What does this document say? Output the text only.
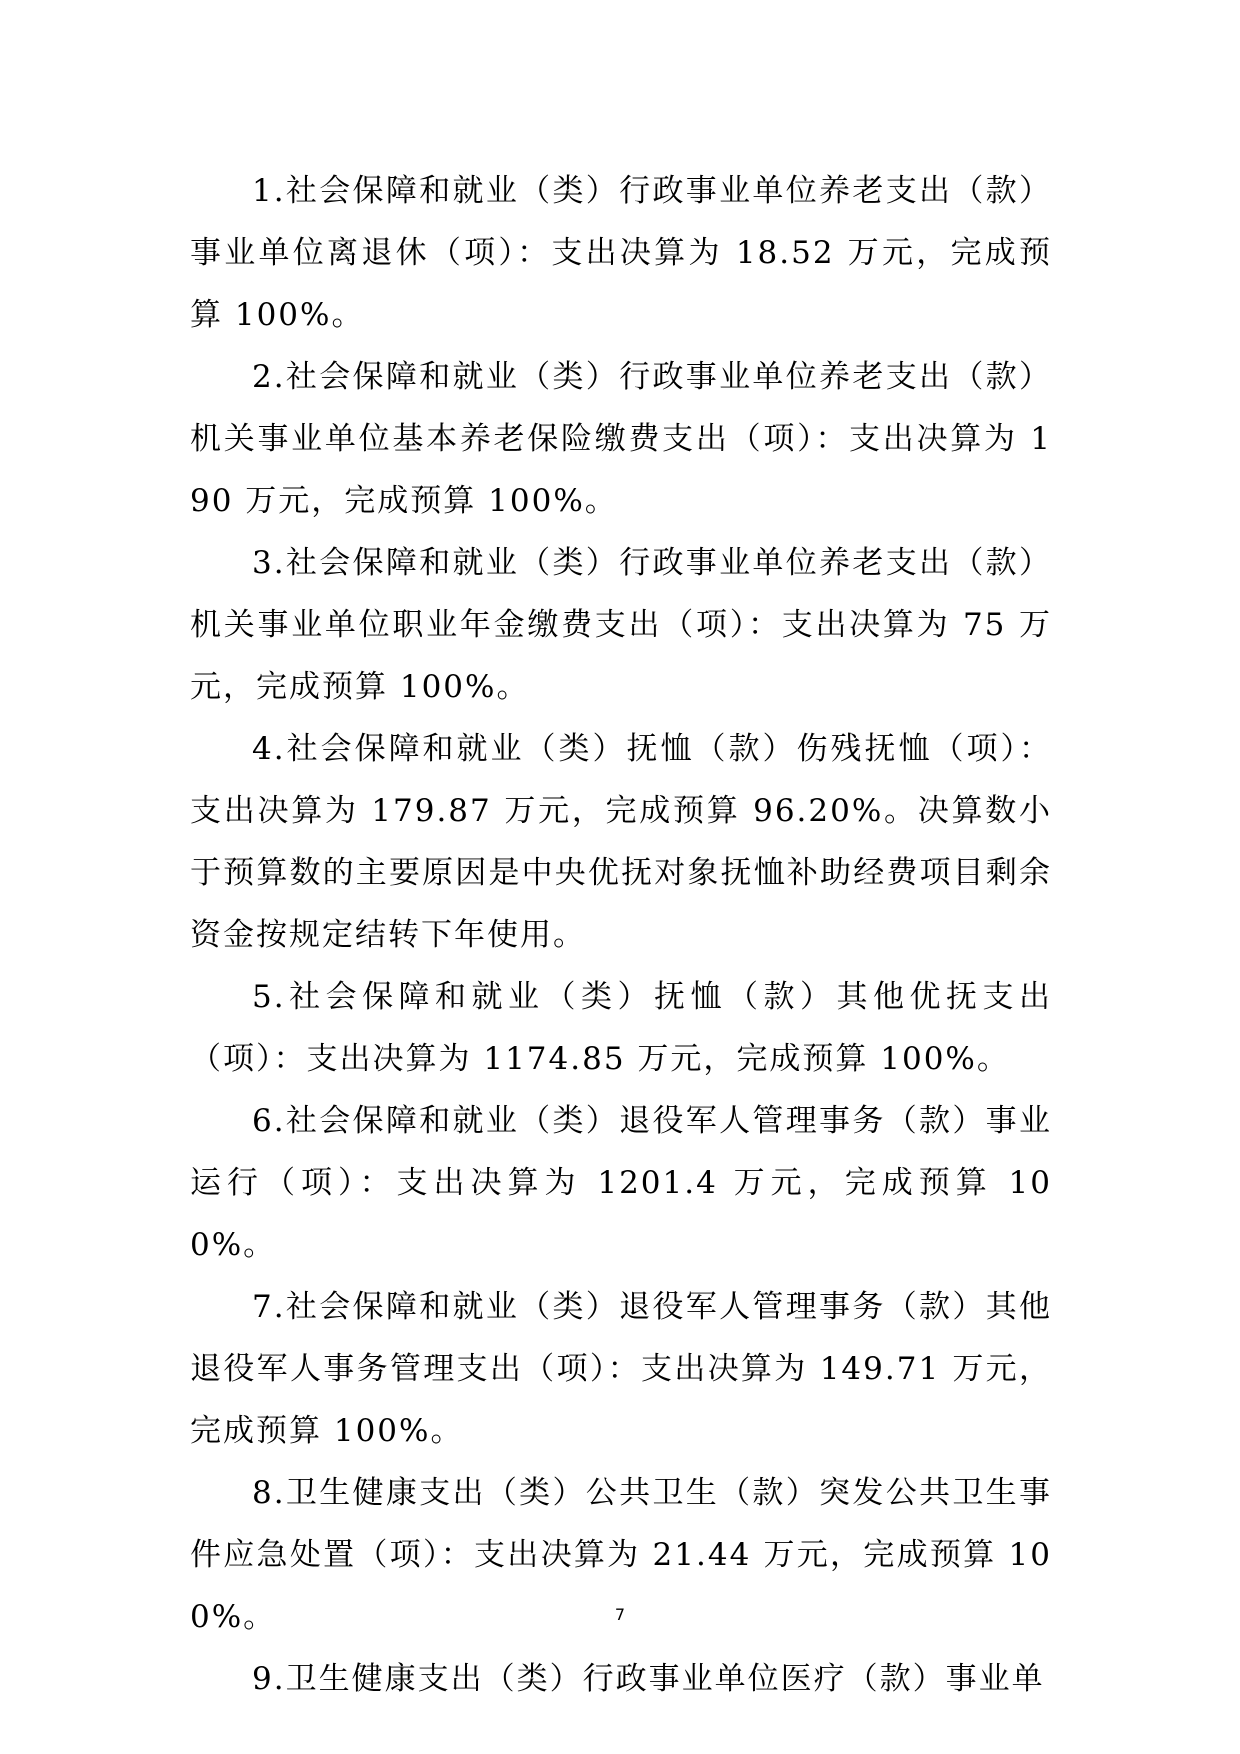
1.社会保障和就业（类）行政事业单位养老支出（款）事业单位离退休（项）：支出决算为 18.52 万元，完成预算 100%。

2.社会保障和就业（类）行政事业单位养老支出（款）机关事业单位基本养老保险缴费支出（项）：支出决算为 190 万元，完成预算 100%。

3.社会保障和就业（类）行政事业单位养老支出（款）机关事业单位职业年金缴费支出（项）：支出决算为 75 万元，完成预算 100%。

4.社会保障和就业（类）抚恤（款）伤残抚恤（项）：支出决算为 179.87 万元，完成预算 96.20%。决算数小于预算数的主要原因是中央优抚对象抚恤补助经费项目剩余资金按规定结转下年使用。

5.社会保障和就业（类）抚恤（款）其他优抚支出（项）：支出决算为 1174.85 万元，完成预算 100%。

6.社会保障和就业（类）退役军人管理事务（款）事业运行（项）：支出决算为 1201.4 万元，完成预算 100%。

7.社会保障和就业（类）退役军人管理事务（款）其他退役军人事务管理支出（项）：支出决算为 149.71 万元，完成预算 100%。

8.卫生健康支出（类）公共卫生（款）突发公共卫生事件应急处置（项）：支出决算为 21.44 万元，完成预算 100%。

9.卫生健康支出（类）行政事业单位医疗（款）事业单

7
